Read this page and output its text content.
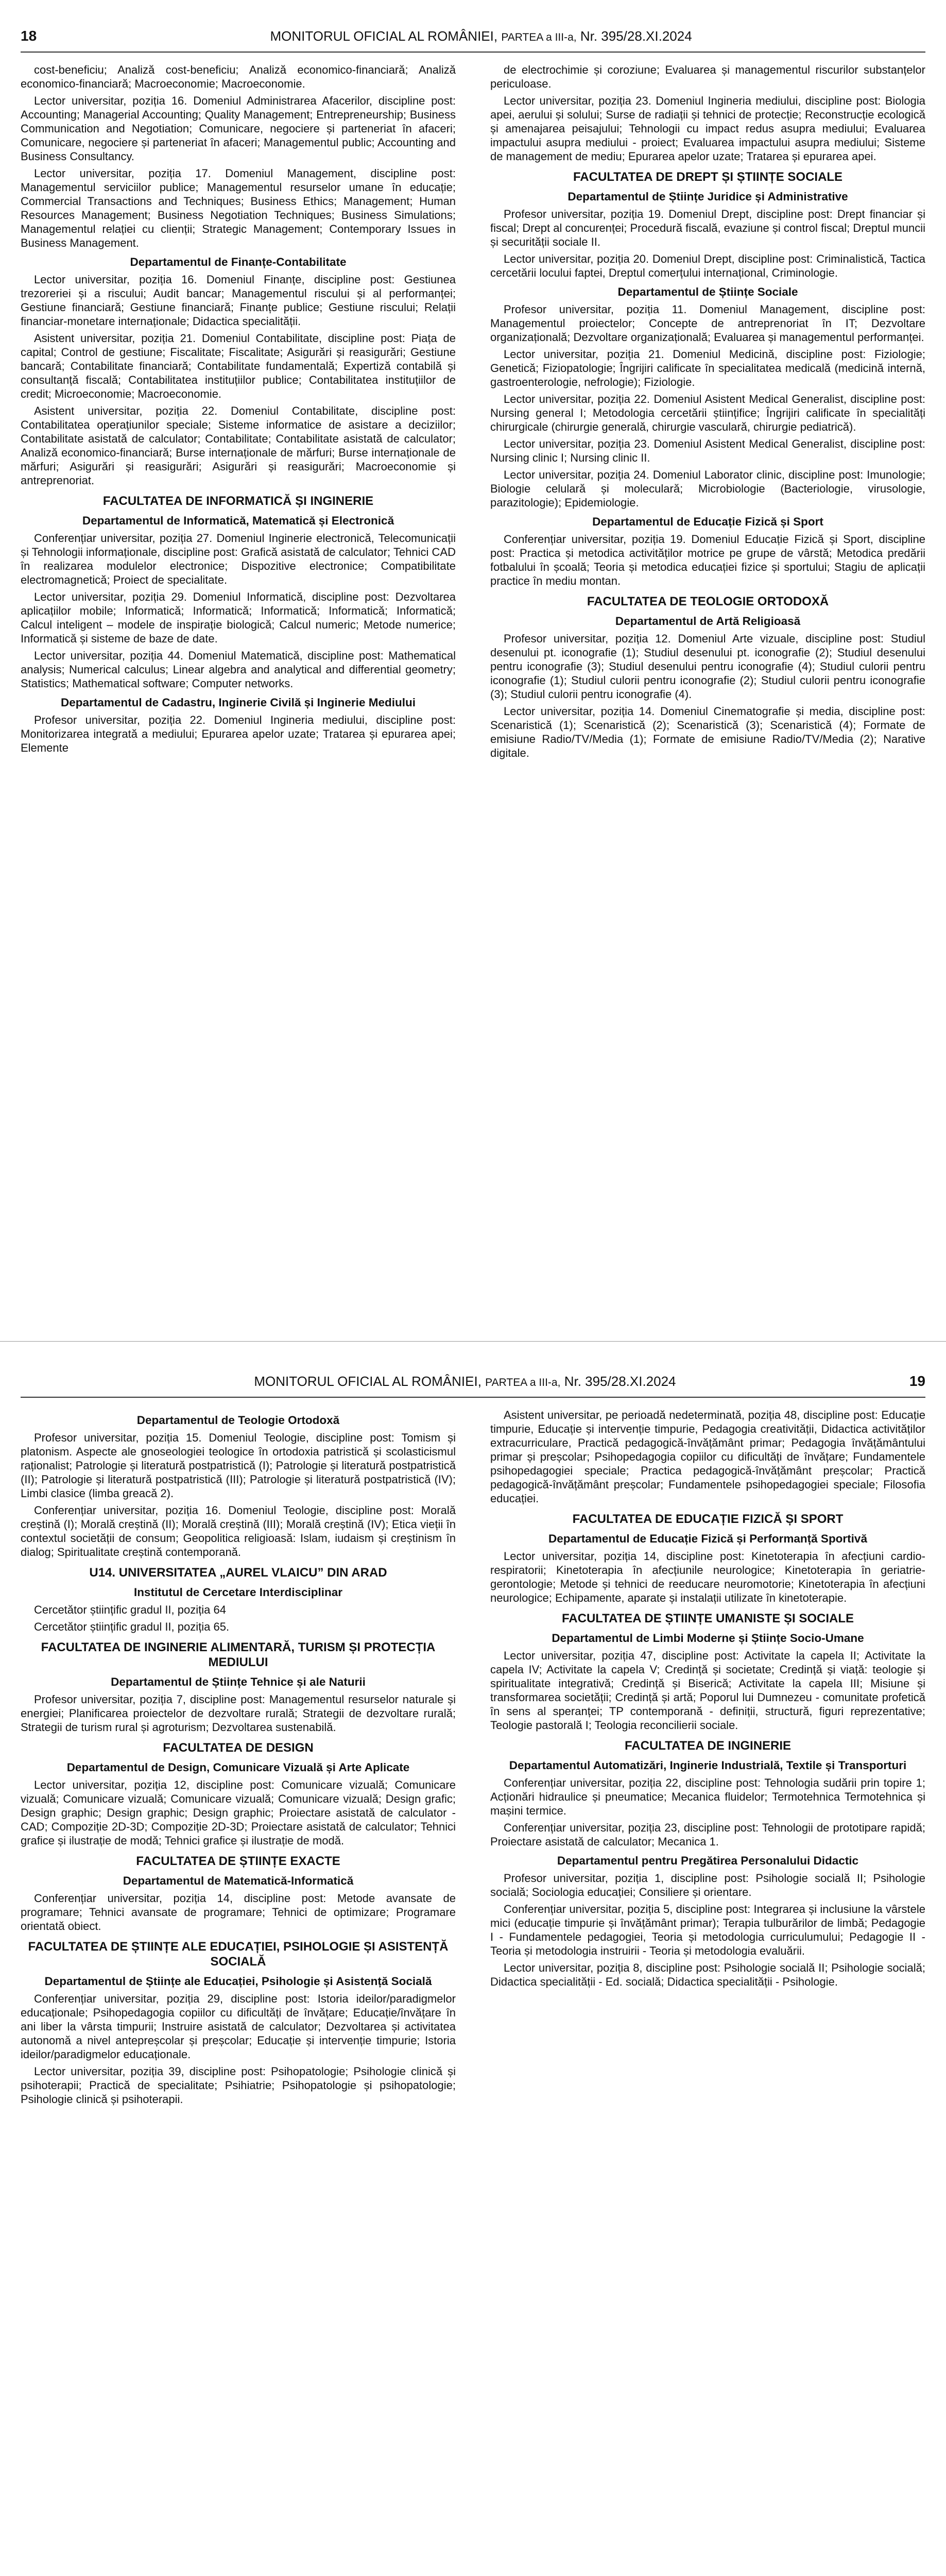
18	MONITORUL OFICIAL AL ROMÂNIEI, PARTEA a III-a, Nr. 395/28.XI.2024

cost-beneficiu; Analiză cost-beneficiu; Analiză economico-financiară; Analiză economico-financiară; Macroeconomie; Macroeconomie.

Lector universitar, poziția 16. Domeniul Administrarea Afacerilor, discipline post: Accounting; Managerial Accounting; Quality Management; Entrepreneurship; Business Communication and Negotiation; Comunicare, negociere și parteneriat în afaceri; Comunicare, negociere și parteneriat în afaceri; Managementul public; Accounting and Business Consultancy.

Lector universitar, poziția 17. Domeniul Management, discipline post: Managementul serviciilor publice; Managementul resurselor umane în educație; Commercial Transactions and Techniques; Business Ethics; Management; Human Resources Management; Business Negotiation Techniques; Business Simulations; Managementul relației cu clienții; Strategic Management; Contemporary Issues in Business Management.

Departamentul de Finanțe-Contabilitate

Lector universitar, poziția 16. Domeniul Finanțe, discipline post: Gestiunea trezoreriei și a riscului; Audit bancar; Managementul riscului și al performanței; Gestiune financiară; Gestiune financiară; Finanțe publice; Gestiune riscului; Relații financiar-monetare internaționale; Didactica specialității.

Asistent universitar, poziția 21. Domeniul Contabilitate, discipline post: Piața de capital; Control de gestiune; Fiscalitate; Fiscalitate; Asigurări și reasigurări; Gestiune bancară; Contabilitate financiară; Contabilitate fundamentală; Expertiză contabilă și consultanță fiscală; Contabilitatea instituțiilor publice; Contabilitatea instituțiilor de credit; Microeconomie; Macroeconomie.

Asistent universitar, poziția 22. Domeniul Contabilitate, discipline post: Contabilitatea operațiunilor speciale; Sisteme informatice de asistare a deciziilor; Contabilitate asistată de calculator; Contabilitate; Contabilitate asistată de calculator; Analiză economico-financiară; Burse internaționale de mărfuri; Burse internaționale de mărfuri; Asigurări și reasigurări; Asigurări și reasigurări; Macroeconomie și antreprenoriat.

FACULTATEA DE INFORMATICĂ ȘI INGINERIE
Departamentul de Informatică, Matematică și Electronică

Conferențiar universitar, poziția 27. Domeniul Inginerie electronică, Telecomunicații și Tehnologii informaționale, discipline post: Grafică asistată de calculator; Tehnici CAD în realizarea modulelor electronice; Dispozitive electronice; Compatibilitate electromagnetică; Proiect de specialitate.

Lector universitar, poziția 29. Domeniul Informatică, discipline post: Dezvoltarea aplicațiilor mobile; Informatică; Informatică; Informatică; Informatică; Informatică; Calcul inteligent – modele de inspirație biologică; Calcul numeric; Metode numerice; Informatică și sisteme de baze de date.

Lector universitar, poziția 44. Domeniul Matematică, discipline post: Mathematical analysis; Numerical calculus; Linear algebra and analytical and differential geometry; Statistics; Mathematical software; Computer networks.

Departamentul de Cadastru, Inginerie Civilă și Inginerie Mediului

Profesor universitar, poziția 22. Domeniul Ingineria mediului, discipline post: Monitorizarea integrată a mediului; Epurarea apelor uzate; Tratarea și epurarea apei; Elemente

de electrochimie și coroziune; Evaluarea și managementul riscurilor substanțelor periculoase.

Lector universitar, poziția 23. Domeniul Ingineria mediului, discipline post: Biologia apei, aerului și solului; Surse de radiații și tehnici de protecție; Reconstrucție ecologică și amenajarea peisajului; Tehnologii cu impact redus asupra mediului; Evaluarea impactului asupra mediului - proiect; Evaluarea impactului asupra mediului; Sisteme de management de mediu; Epurarea apelor uzate; Tratarea și epurarea apei.

FACULTATEA DE DREPT ȘI ȘTIINȚE SOCIALE
Departamentul de Științe Juridice și Administrative

Profesor universitar, poziția 19. Domeniul Drept, discipline post: Drept financiar și fiscal; Drept al concurenței; Procedură fiscală, evaziune și control fiscal; Dreptul muncii și securității sociale II.

Lector universitar, poziția 20. Domeniul Drept, discipline post: Criminalistică, Tactica cercetării locului faptei, Dreptul comerțului internațional, Criminologie.

Departamentul de Științe Sociale

Profesor universitar, poziția 11. Domeniul Management, discipline post: Managementul proiectelor; Concepte de antreprenoriat în IT; Dezvoltare organizațională; Dezvoltare organizațională; Evaluarea și managementul performanței.

Lector universitar, poziția 21. Domeniul Medicină, discipline post: Fiziologie; Genetică; Fiziopatologie; Îngrijiri calificate în specialitatea medicală (medicină internă, gastroenterologie, nefrologie); Fiziologie.

Lector universitar, poziția 22. Domeniul Asistent Medical Generalist, discipline post: Nursing general I; Metodologia cercetării științifice; Îngrijiri calificate în specialități chirurgicale (chirurgie generală, chirurgie vasculară, chirurgie pediatrică).

Lector universitar, poziția 23. Domeniul Asistent Medical Generalist, discipline post: Nursing clinic I; Nursing clinic II.

Lector universitar, poziția 24. Domeniul Laborator clinic, discipline post: Imunologie; Biologie celulară și moleculară; Microbiologie (Bacteriologie, virusologie, parazitologie); Epidemiologie.

Departamentul de Educație Fizică și Sport

Conferențiar universitar, poziția 19. Domeniul Educație Fizică și Sport, discipline post: Practica și metodica activităților motrice pe grupe de vârstă; Metodica predării fotbalului în școală; Teoria și metodica educației fizice și sportului; Stagiu de aplicații practice în mediu montan.

FACULTATEA DE TEOLOGIE ORTODOXĂ
Departamentul de Artă Religioasă

Profesor universitar, poziția 12. Domeniul Arte vizuale, discipline post: Studiul desenului pt. iconografie (1); Studiul desenului pt. iconografie (2); Studiul desenului pentru iconografie (3); Studiul desenului pentru iconografie (4); Studiul culorii pentru iconografie (1); Studiul culorii pentru iconografie (2); Studiul culorii pentru iconografie (3); Studiul culorii pentru iconografie (4).

Lector universitar, poziția 14. Domeniul Cinematografie și media, discipline post: Scenaristică (1); Scenaristică (2); Scenaristică (3); Scenaristică (4); Formate de emisiune Radio/TV/Media (1); Formate de emisiune Radio/TV/Media (2); Narative digitale.

MONITORUL OFICIAL AL ROMÂNIEI, PARTEA a III-a, Nr. 395/28.XI.2024	19
Departamentul de Teologie Ortodoxă

Profesor universitar, poziția 15. Domeniul Teologie, discipline post: Tomism și platonism. Aspecte ale gnoseologiei teologice în ortodoxia patristică și scolasticismul raționalist; Patrologie și literatură postpatristică (I); Patrologie și literatură postpatristică (II); Patrologie și literatură postpatristică (III); Patrologie și literatură postpatristică (IV); Limbi clasice (limba greacă 2).

Conferențiar universitar, poziția 16. Domeniul Teologie, discipline post: Morală creștină (I); Morală creștină (II); Morală creștină (III); Morală creștină (IV); Etica vieții în contextul societății de consum; Geopolitica religioasă: Islam, iudaism și creștinism în dialog; Spiritualitate creștină contemporană.

U14. UNIVERSITATEA „AUREL VLAICU” DIN ARAD
Institutul de Cercetare Interdisciplinar

Cercetător științific gradul II, poziția 64

Cercetător științific gradul II, poziția 65.

FACULTATEA DE INGINERIE ALIMENTARĂ, TURISM ȘI PROTECȚIA MEDIULUI
Departamentul de Științe Tehnice și ale Naturii

Profesor universitar, poziția 7, discipline post: Managementul resurselor naturale și energiei; Planificarea proiectelor de dezvoltare rurală; Strategii de dezvoltare rurală; Strategii de turism rural și agroturism; Dezvoltarea sustenabilă.

FACULTATEA DE DESIGN
Departamentul de Design, Comunicare Vizuală și Arte Aplicate

Lector universitar, poziția 12, discipline post: Comunicare vizuală; Comunicare vizuală; Comunicare vizuală; Comunicare vizuală; Comunicare vizuală; Design grafic; Design graphic; Design graphic; Design graphic; Proiectare asistată de calculator - CAD; Compoziție 2D-3D; Compoziție 2D-3D; Proiectare asistată de calculator; Tehnici grafice și ilustrație de modă; Tehnici grafice și ilustrație de modă.

FACULTATEA DE ȘTIINȚE EXACTE
Departamentul de Matematică-Informatică

Conferențiar universitar, poziția 14, discipline post: Metode avansate de programare; Tehnici avansate de programare; Tehnici de optimizare; Programare orientată obiect.

FACULTATEA DE ȘTIINȚE ALE EDUCAȚIEI, PSIHOLOGIE ȘI ASISTENȚĂ SOCIALĂ
Departamentul de Științe ale Educației, Psihologie și Asistență Socială

Conferențiar universitar, poziția 29, discipline post: Istoria ideilor/paradigmelor educaționale; Psihopedagogia copiilor cu dificultăți de învățare; Educație/învățare în ani liber la vârsta timpurii; Instruire asistată de calculator; Dezvoltarea și activitatea autonomă a nivel antepreșcolar și preșcolar; Educație și intervenție timpurie; Istoria ideilor/paradigmelor educaționale.

Lector universitar, poziția 39, discipline post: Psihopatologie; Psihologie clinică și psihoterapii; Practică de specialitate; Psihiatrie; Psihopatologie și psihopatologie; Psihologie clinică și psihoterapii.

Asistent universitar, pe perioadă nedeterminată, poziția 48, discipline post: Educație timpurie, Educație și intervenție timpurie, Pedagogia creativității, Didactica activităților extracurriculare, Practică pedagogică-învățământ primar; Pedagogia învățământului primar și preșcolar; Psihopedagogia copiilor cu dificultăți de învățare; Fundamentele psihopedagogiei speciale; Practica pedagogică-învățământ preșcolar; Practică pedagogică-învățământ preșcolar; Fundamentele psihopedagogiei speciale; Filosofia educației.

FACULTATEA DE EDUCAȚIE FIZICĂ ȘI SPORT
Departamentul de Educație Fizică și Performanță Sportivă

Lector universitar, poziția 14, discipline post: Kinetoterapia în afecțiuni cardio-respiratorii; Kinetoterapia în afecțiunile neurologice; Kinetoterapia în geriatrie-gerontologie; Metode și tehnici de reeducare neuromotorie; Kinetoterapia în afecțiuni neurologice; Echipamente, aparate și instalații utilizate în kinetoterapie.

FACULTATEA DE ȘTIINȚE UMANISTE ȘI SOCIALE
Departamentul de Limbi Moderne și Științe Socio-Umane

Lector universitar, poziția 47, discipline post: Activitate la capela II; Activitate la capela IV; Activitate la capela V; Credință și societate; Credință și viață: teologie și spiritualitate integrativă; Credință și Biserică; Activitate la capela III; Misiune și transformarea societății; Credință și artă; Poporul lui Dumnezeu - comunitate profetică în sens al speranței; TP contemporană - definiții, structură, figuri reprezentative; Teologie pastorală I; Teologia reconcilierii sociale.

FACULTATEA DE INGINERIE
Departamentul Automatizări, Inginerie Industrială, Textile și Transporturi

Conferențiar universitar, poziția 22, discipline post: Tehnologia sudării prin topire 1; Acționări hidraulice și pneumatice; Mecanica fluidelor; Termotehnica Termotehnica și mașini termice.

Conferențiar universitar, poziția 23, discipline post: Tehnologii de prototipare rapidă; Proiectare asistată de calculator; Mecanica 1.

Departamentul pentru Pregătirea Personalului Didactic

Profesor universitar, poziția 1, discipline post: Psihologie socială II; Psihologie socială; Sociologia educației; Consiliere și orientare.

Conferențiar universitar, poziția 5, discipline post: Integrarea și inclusiune la vârstele mici (educație timpurie și învățământ primar); Terapia tulburărilor de limbă; Pedagogie I - Fundamentele pedagogiei, Teoria și metodologia curriculumului; Pedagogie II - Teoria și metodologia instruirii - Teoria și metodologia evaluării.

Lector universitar, poziția 8, discipline post: Psihologie socială II; Psihologie socială; Didactica specialității - Ed. socială; Didactica specialității - Psihologie.
